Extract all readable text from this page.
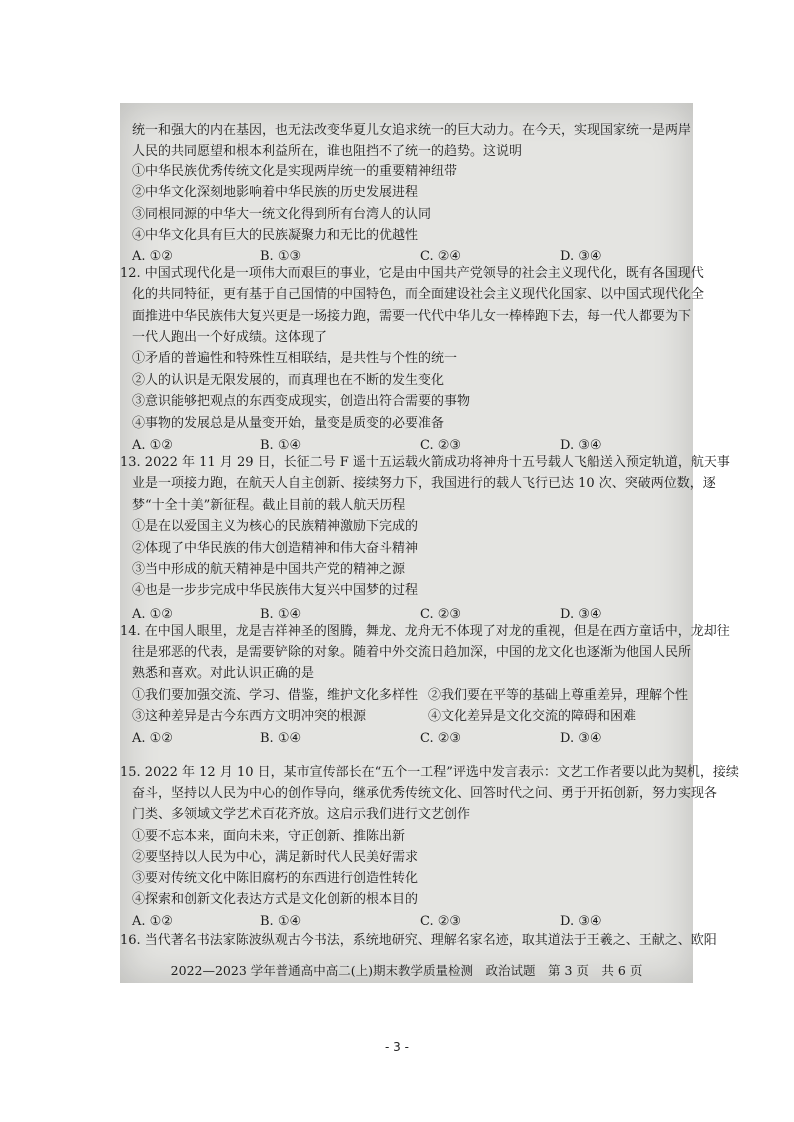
统一和强大的内在基因，也无法改变华夏儿女追求统一的巨大动力。在今天，实现国家统一是两岸
人民的共同愿望和根本利益所在，谁也阻挡不了统一的趋势。这说明
①中华民族优秀传统文化是实现两岸统一的重要精神纽带
②中华文化深刻地影响着中华民族的历史发展进程
③同根同源的中华大一统文化得到所有台湾人的认同
④中华文化具有巨大的民族凝聚力和无比的优越性
12. 中国式现代化是一项伟大而艰巨的事业，它是由中国共产党领导的社会主义现代化，既有各国现代
化的共同特征，更有基于自己国情的中国特色，而全面建设社会主义现代化国家、以中国式现代化全
面推进中华民族伟大复兴更是一场接力跑，需要一代代中华儿女一棒棒跑下去，每一代人都要为下
一代人跑出一个好成绩。这体现了
①矛盾的普遍性和特殊性互相联结，是共性与个性的统一
②人的认识是无限发展的，而真理也在不断的发生变化
③意识能够把观点的东西变成现实，创造出符合需要的事物
④事物的发展总是从量变开始，量变是质变的必要准备
13. 2022 年 11 月 29 日，长征二号 F 遥十五运载火箭成功将神舟十五号载人飞船送入预定轨道，航天事
业是一项接力跑，在航天人自主创新、接续努力下，我国进行的载人飞行已达 10 次、突破两位数，逐
梦“十全十美”新征程。截止目前的载人航天历程
①是在以爱国主义为核心的民族精神激励下完成的
②体现了中华民族的伟大创造精神和伟大奋斗精神
③当中形成的航天精神是中国共产党的精神之源
④也是一步步完成中华民族伟大复兴中国梦的过程
14. 在中国人眼里，龙是吉祥神圣的图腾，舞龙、龙舟无不体现了对龙的重视，但是在西方童话中，龙却往
往是邪恶的代表，是需要铲除的对象。随着中外交流日趋加深，中国的龙文化也逐渐为他国人民所
熟悉和喜欢。对此认识正确的是
15. 2022 年 12 月 10 日，某市宣传部长在“五个一工程”评选中发言表示：文艺工作者要以此为契机，接续
奋斗，坚持以人民为中心的创作导向，继承优秀传统文化、回答时代之问、勇于开拓创新，努力实现各
门类、多领域文学艺术百花齐放。这启示我们进行文艺创作
①要不忘本来，面向未来，守正创新、推陈出新
②要坚持以人民为中心，满足新时代人民美好需求
③要对传统文化中陈旧腐朽的东西进行创造性转化
④探索和创新文化表达方式是文化创新的根本目的
16. 当代著名书法家陈波纵观古今书法，系统地研究、理解名家名迹，取其道法于王羲之、王献之、欧阳
①我们要加强交流、学习、借鉴，维护文化多样性 ②我们要在平等的基础上尊重差异，理解个性
③这种差异是古今东西方文明冲突的根源	④文化差异是文化交流的障碍和困难
A. ①②	B. ①③	C. ②④	D. ③④
A. ①②	B. ①④	C. ②③	D. ③④
A. ①②	B. ①④	C. ②③	D. ③④
A. ①②	B. ①④	C. ②③	D. ③④
A. ①②	B. ①④	C. ②③	D. ③④
2022—2023 学年普通高中高二(上)期末教学质量检测　政治试题　第 3 页　共 6 页
- 3 -
